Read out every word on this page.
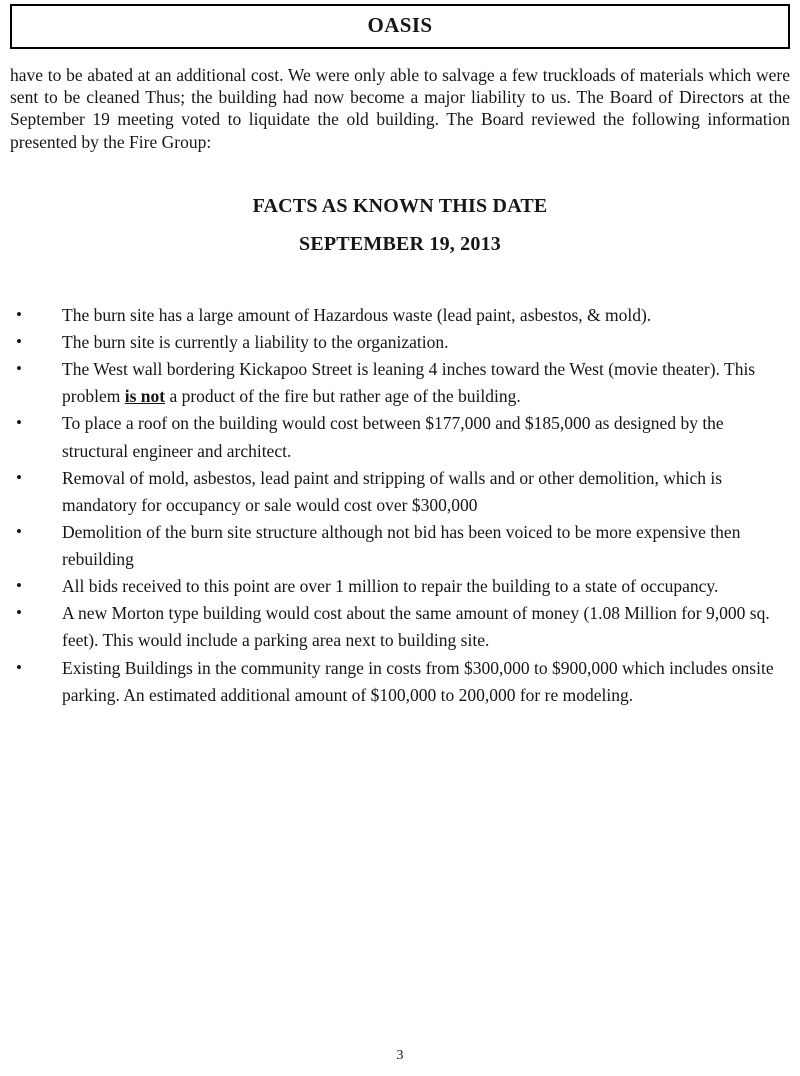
OASIS

have to be abated at an additional cost. We were only able to salvage a few truckloads of materials which were sent to be cleaned Thus; the building had now become a major liability to us. The Board of Directors at the September 19 meeting voted to liquidate the old building. The Board reviewed the following information presented by the Fire Group:

FACTS AS KNOWN THIS DATE
SEPTEMBER 19, 2013
• The burn site has a large amount of Hazardous waste (lead paint, asbestos, & mold).
• The burn site is currently a liability to the organization.
• The West wall bordering Kickapoo Street is leaning 4 inches toward the West (movie theater). This problem is not a product of the fire but rather age of the building.
• To place a roof on the building would cost between $177,000 and $185,000 as designed by the structural engineer and architect.
• Removal of mold, asbestos, lead paint and stripping of walls and or other demolition, which is mandatory for occupancy or sale would cost over $300,000
• Demolition of the burn site structure although not bid has been voiced to be more expensive then rebuilding
• All bids received to this point are over 1 million to repair the building to a state of occupancy.
• A new Morton type building would cost about the same amount of money (1.08 Million for 9,000 sq. feet). This would include a parking area next to building site.
• Existing Buildings in the community range in costs from $300,000 to $900,000 which includes onsite parking. An estimated additional amount of $100,000 to 200,000 for re modeling.
3
